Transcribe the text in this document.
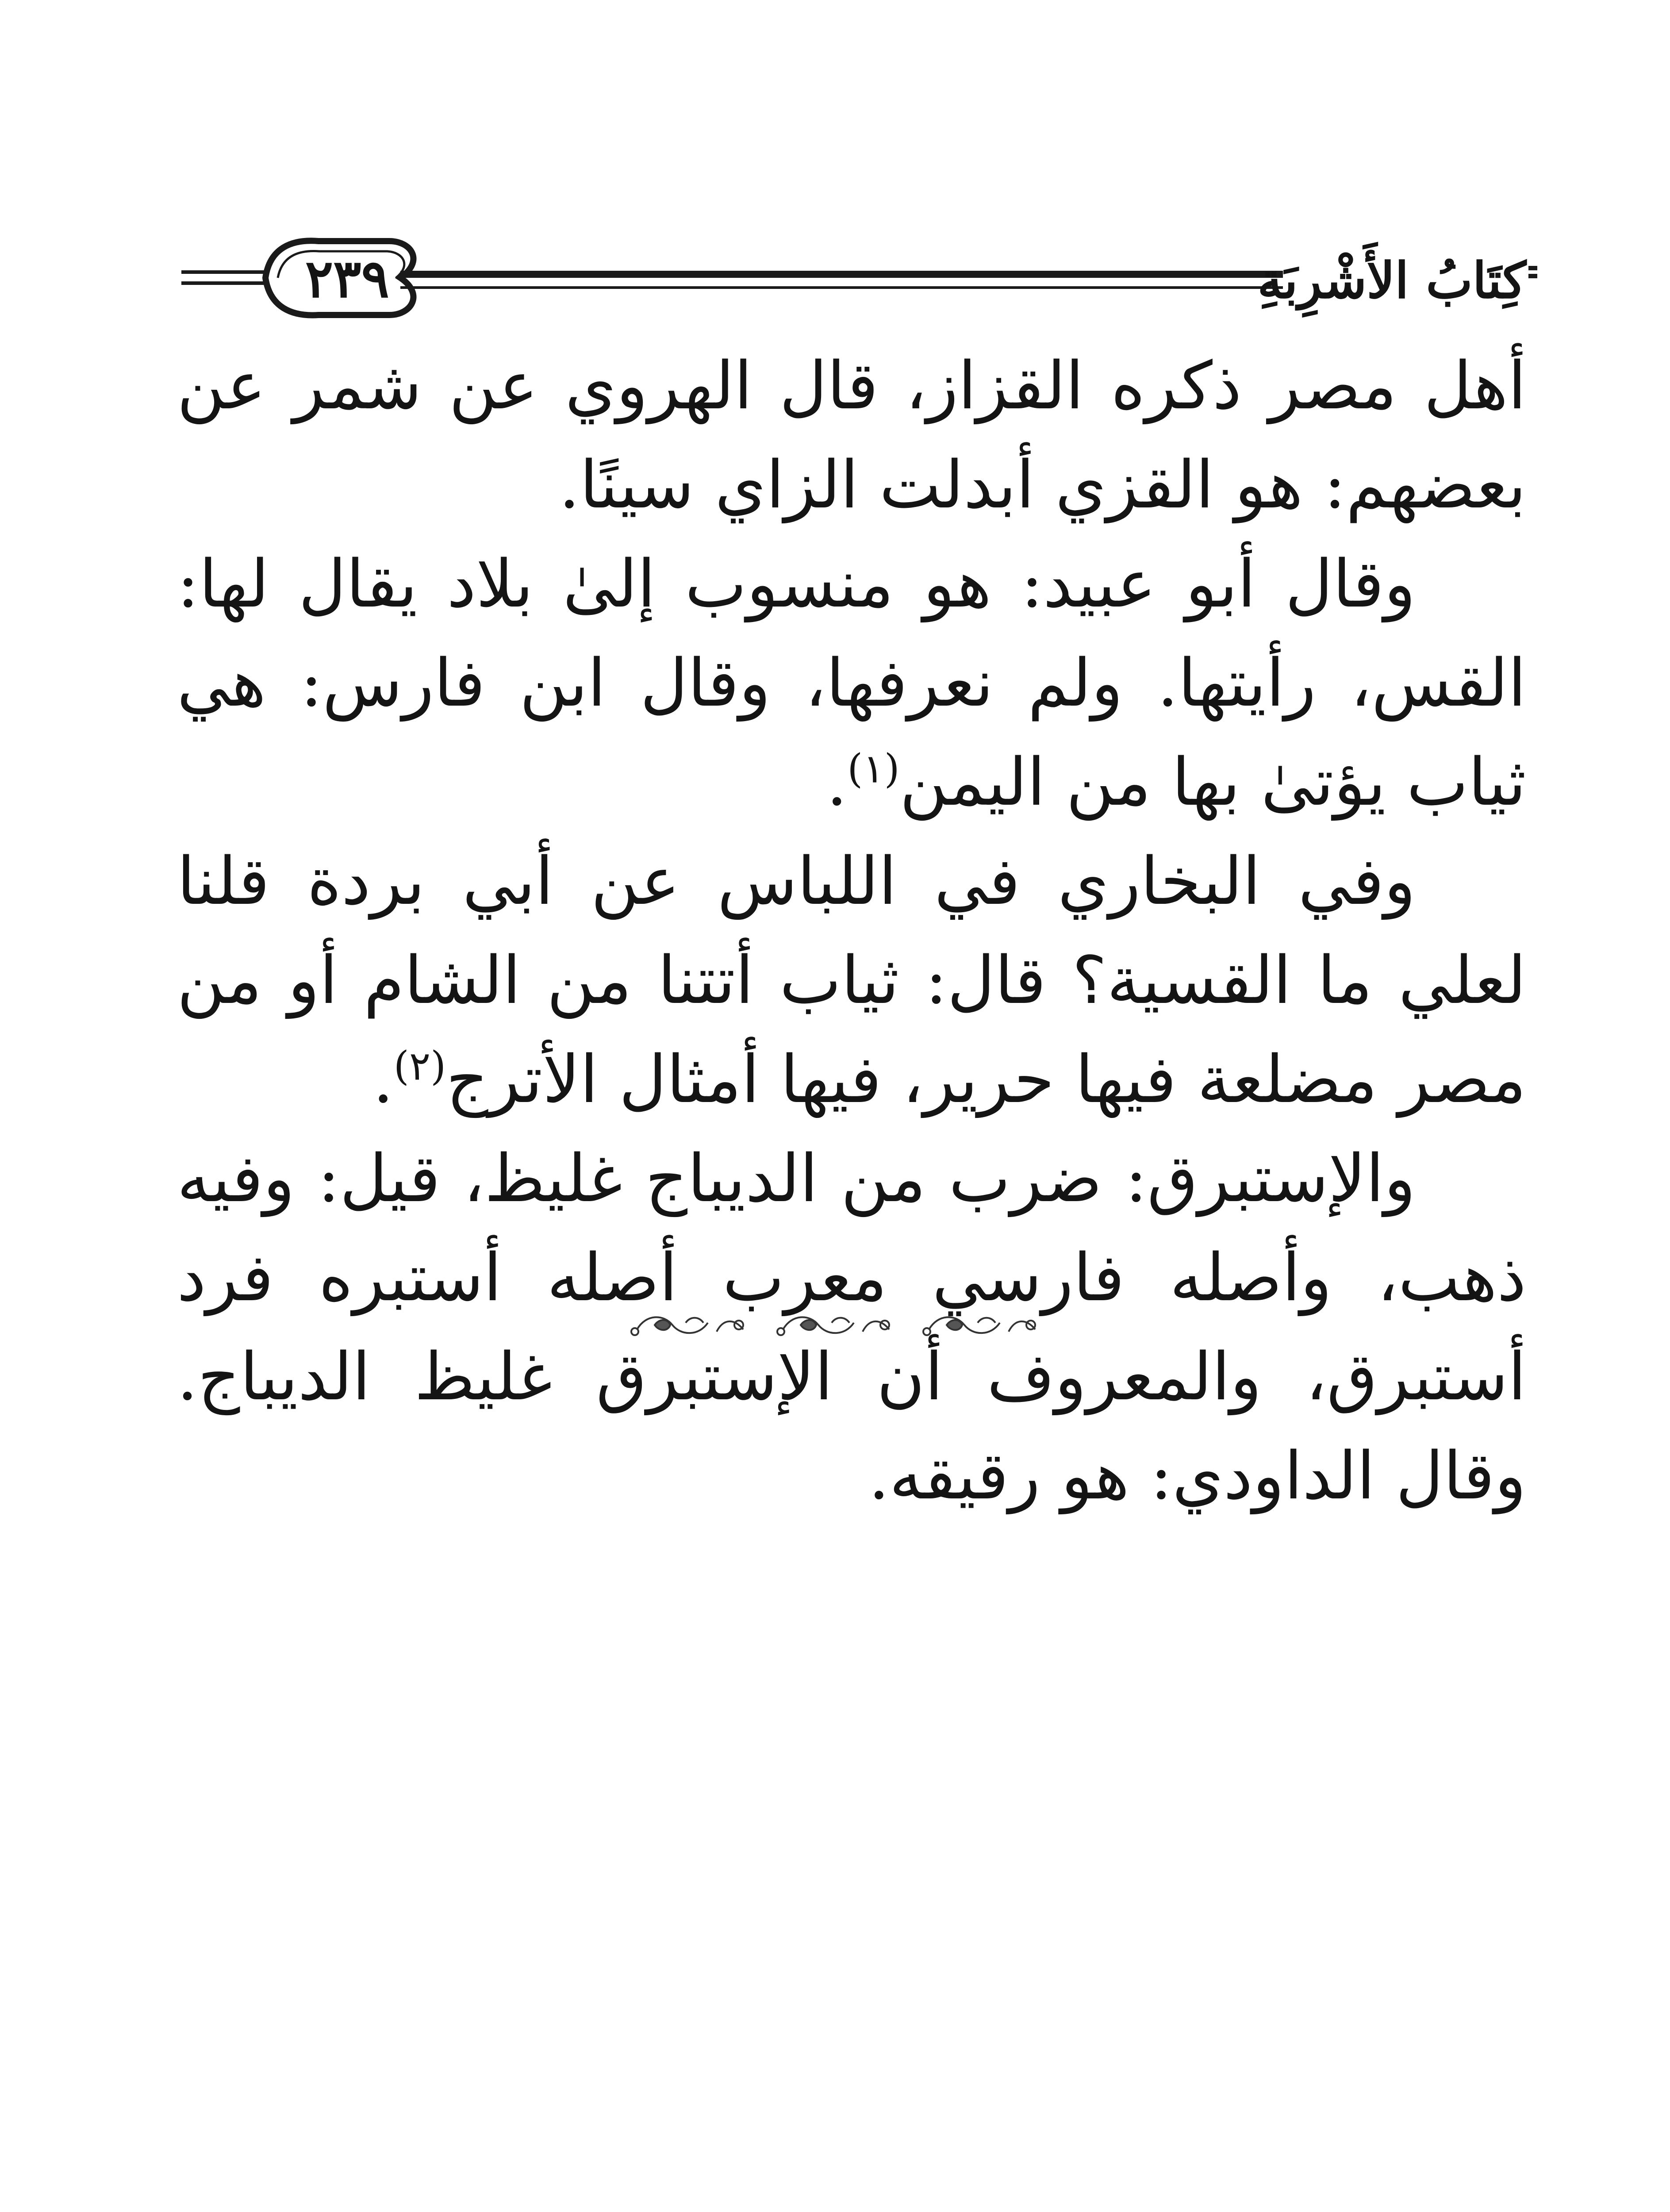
٢٣٩	كِتَابُ الأَشْرِبَةِ

أهل مصر ذكره القزاز، قال الهروي عن شمر عن بعضهم: هو القزي أبدلت الزاي سينًا.

وقال أبو عبيد: هو منسوب إلىٰ بلاد يقال لها: القس، رأيتها. ولم نعرفها، وقال ابن فارس: هي ثياب يؤتىٰ بها من اليمن$^{(١)}$.

وفي البخاري في اللباس عن أبي بردة قلنا لعلي ما القسية؟ قال: ثياب أتتنا من الشام أو من مصر مضلعة فيها حرير، فيها أمثال الأترج$^{(٢)}$.

والإستبرق: ضرب من الديباج غليظ، قيل: وفيه ذهب، وأصله فارسي معرب أصله أستبره فرد أستبرق، والمعروف أن الإستبرق غليظ الديباج. وقال الداودي: هو رقيقه.
